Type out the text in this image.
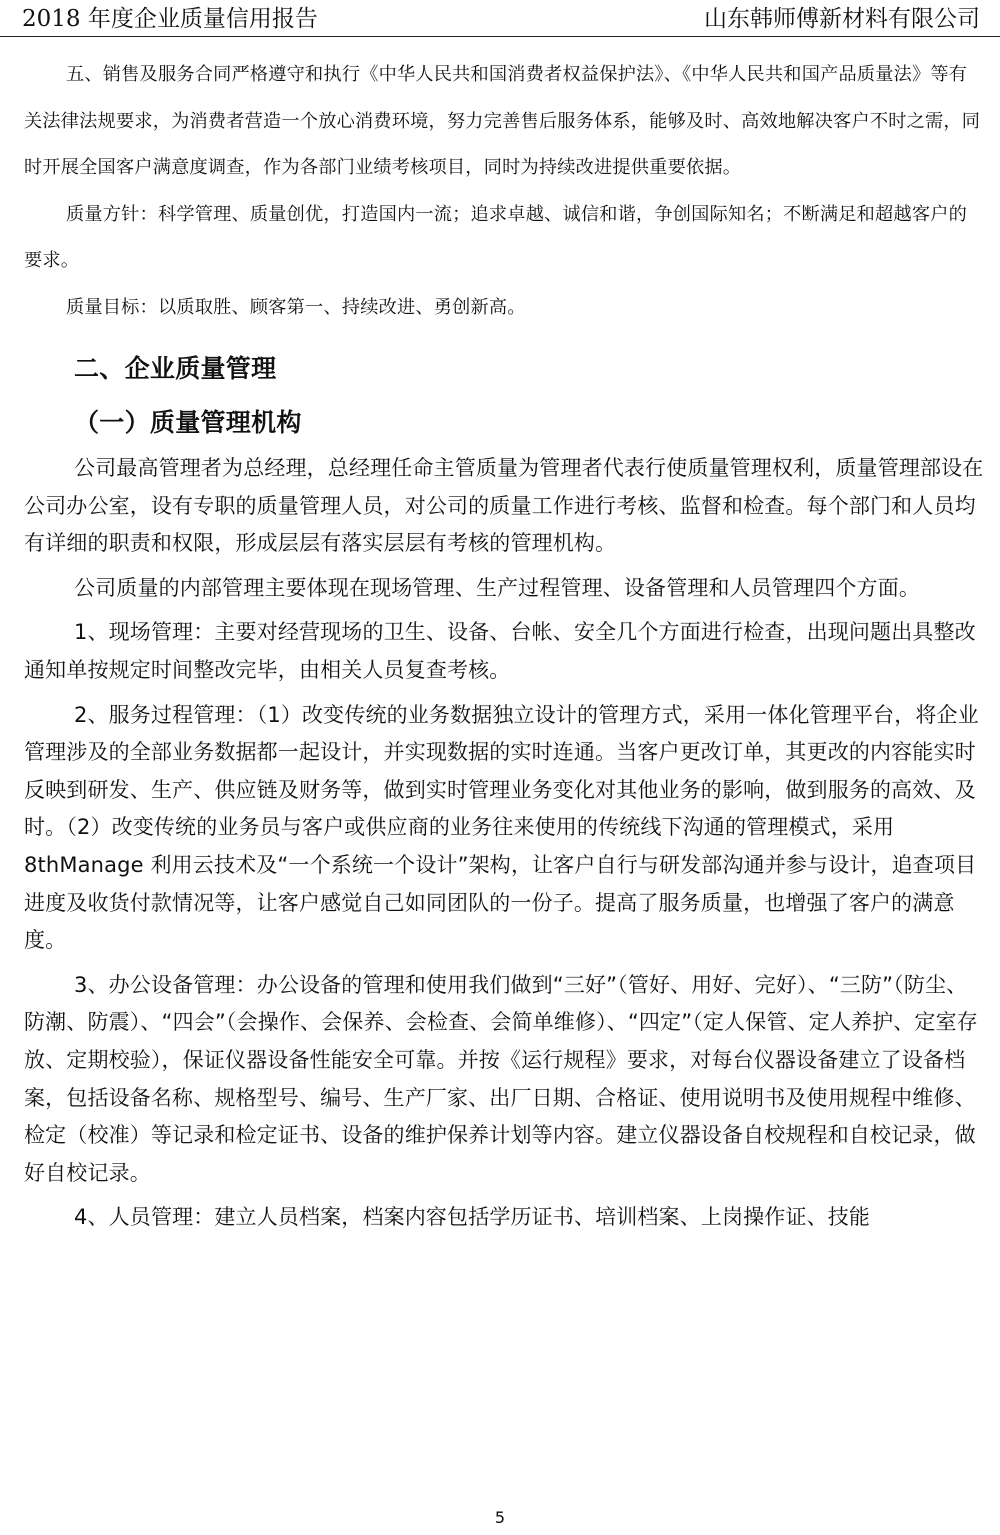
2018 年度企业质量信用报告	山东韩师傅新材料有限公司

五、销售及服务合同严格遵守和执行《中华人民共和国消费者权益保护法》、《中华人民共和国产品质量法》等有关法律法规要求，为消费者营造一个放心消费环境，努力完善售后服务体系，能够及时、高效地解决客户不时之需，同时开展全国客户满意度调查，作为各部门业绩考核项目，同时为持续改进提供重要依据。

质量方针：科学管理、质量创优，打造国内一流；追求卓越、诚信和谐，争创国际知名；不断满足和超越客户的要求。

质量目标：以质取胜、顾客第一、持续改进、勇创新高。

二、企业质量管理
（一）质量管理机构

公司最高管理者为总经理，总经理任命主管质量为管理者代表行使质量管理权利，质量管理部设在公司办公室，设有专职的质量管理人员，对公司的质量工作进行考核、监督和检查。每个部门和人员均有详细的职责和权限，形成层层有落实层层有考核的管理机构。

公司质量的内部管理主要体现在现场管理、生产过程管理、设备管理和人员管理四个方面。

1、现场管理：主要对经营现场的卫生、设备、台帐、安全几个方面进行检查，出现问题出具整改通知单按规定时间整改完毕，由相关人员复查考核。

2、服务过程管理：（1）改变传统的业务数据独立设计的管理方式，采用一体化管理平台，将企业管理涉及的全部业务数据都一起设计，并实现数据的实时连通。当客户更改订单，其更改的内容能实时反映到研发、生产、供应链及财务等，做到实时管理业务变化对其他业务的影响，做到服务的高效、及时。（2）改变传统的业务员与客户或供应商的业务往来使用的传统线下沟通的管理模式，采用 8thManage 利用云技术及“一个系统一个设计”架构，让客户自行与研发部沟通并参与设计，追查项目进度及收货付款情况等，让客户感觉自己如同团队的一份子。提高了服务质量，也增强了客户的满意度。

3、办公设备管理：办公设备的管理和使用我们做到“三好”（管好、用好、完好）、“三防”（防尘、防潮、防震）、“四会”（会操作、会保养、会检查、会简单维修）、“四定”（定人保管、定人养护、定室存放、定期校验），保证仪器设备性能安全可靠。并按《运行规程》要求，对每台仪器设备建立了设备档案，包括设备名称、规格型号、编号、生产厂家、出厂日期、合格证、使用说明书及使用规程中维修、检定（校准）等记录和检定证书、设备的维护保养计划等内容。建立仪器设备自校规程和自校记录，做好自校记录。

4、人员管理：建立人员档案，档案内容包括学历证书、培训档案、上岗操作证、技能

5
